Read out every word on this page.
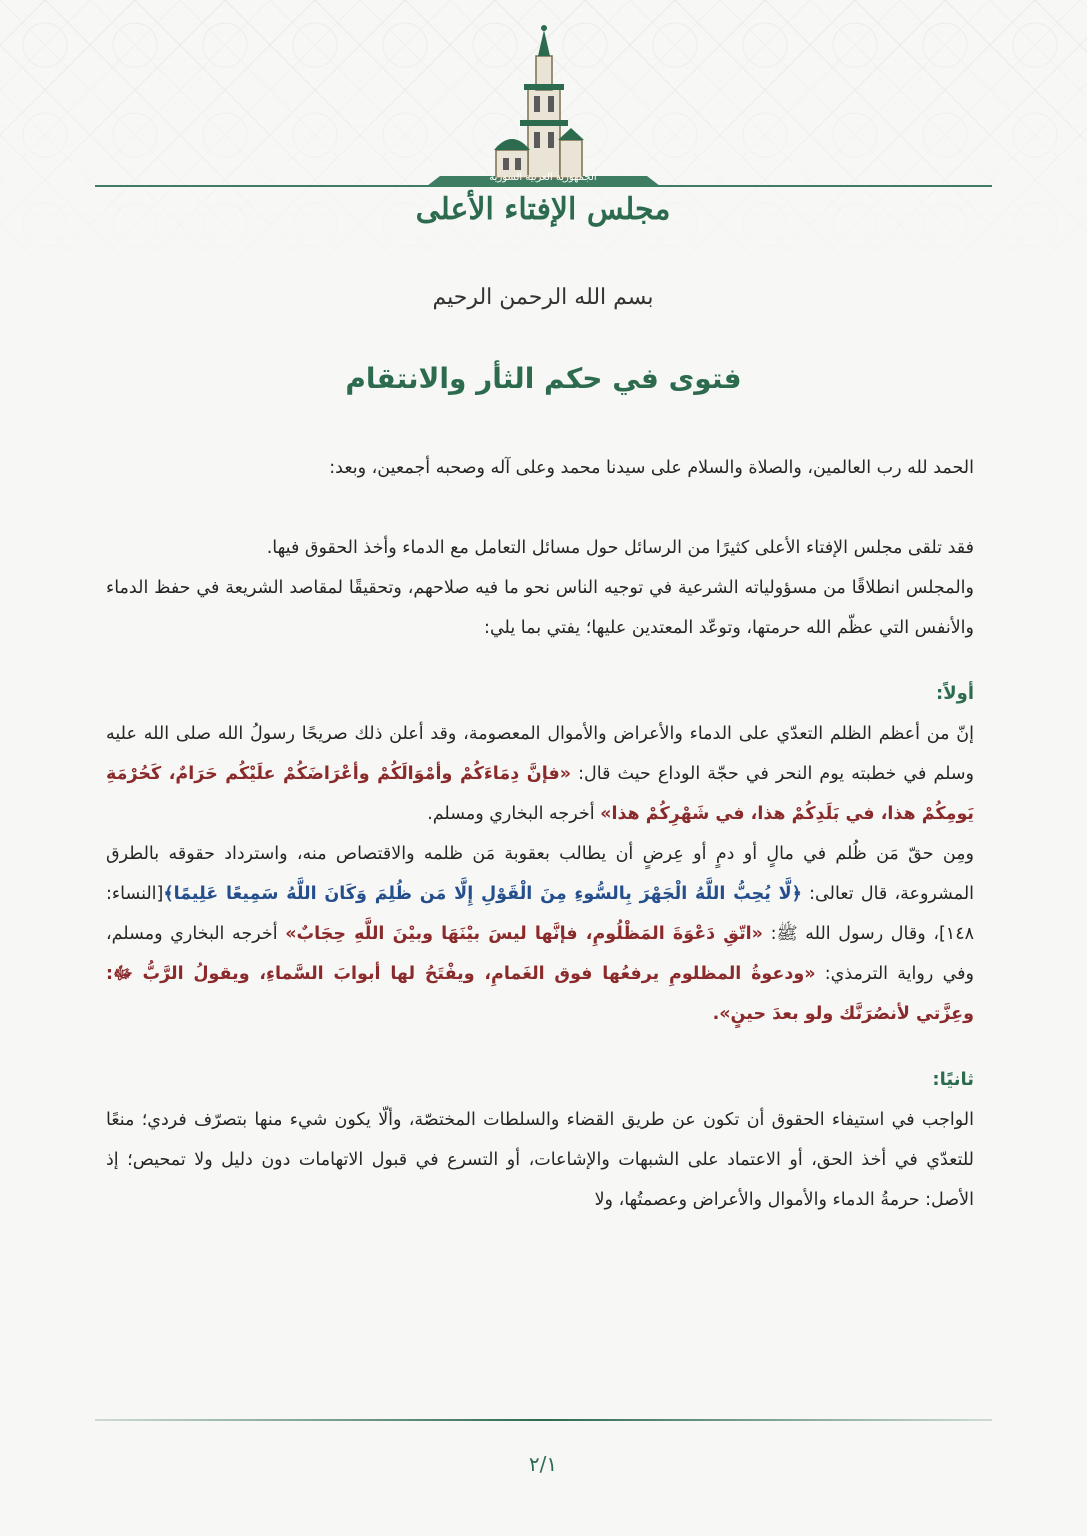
الجمهورية العربية السورية
مجلس الإفتاء الأعلى
بسم الله الرحمن الرحيم
فتوى في حكم الثأر والانتقام

الحمد لله رب العالمين، والصلاة والسلام على سيدنا محمد وعلى آله وصحبه أجمعين، وبعد:

فقد تلقى مجلس الإفتاء الأعلى كثيرًا من الرسائل حول مسائل التعامل مع الدماء وأخذ الحقوق فيها.

والمجلس انطلاقًا من مسؤولياته الشرعية في توجيه الناس نحو ما فيه صلاحهم، وتحقيقًا لمقاصد الشريعة في حفظ الدماء والأنفس التي عظّم الله حرمتها، وتوعّد المعتدين عليها؛ يفتي بما يلي:

أولاً:

إنّ من أعظم الظلم التعدّي على الدماء والأعراض والأموال المعصومة، وقد أعلن ذلك صريحًا رسولُ الله صلى الله عليه وسلم في خطبته يوم النحر في حجّة الوداع حيث قال: «فإنَّ دِمَاءَكُمْ وأمْوَالَكُمْ وأعْرَاضَكُمْ علَيْكُم حَرَامٌ، كَحُرْمَةِ يَومِكُمْ هذا، في بَلَدِكُمْ هذا، في شَهْرِكُمْ هذا» أخرجه البخاري ومسلم.

ومِن حقّ مَن ظُلم في مالٍ أو دمٍ أو عِرضٍ أن يطالب بعقوبة مَن ظلمه والاقتصاص منه، واسترداد حقوقه بالطرق المشروعة، قال تعالى: ﴿لَّا يُحِبُّ اللَّهُ الْجَهْرَ بِالسُّوءِ مِنَ الْقَوْلِ إِلَّا مَن ظُلِمَ وَكَانَ اللَّهُ سَمِيعًا عَلِيمًا﴾[النساء: ١٤٨]، وقال رسول الله ﷺ: «اتّقِ دَعْوَةَ المَظْلُومِ، فإنَّها ليسَ بيْنَهَا وبيْنَ اللَّهِ حِجَابٌ» أخرجه البخاري ومسلم، وفي رواية الترمذي: «ودعوةُ المظلومِ يرفعُها فوق الغَمامِ، ويفْتَحُ لها أبوابَ السَّماءِ، ويقولُ الرَّبُّ ﷻ: وعِزَّتي لأنصُرَنَّك ولو بعدَ حينٍ».

ثانيًا:

الواجب في استيفاء الحقوق أن تكون عن طريق القضاء والسلطات المختصّة، وألّا يكون شيء منها بتصرّف فردي؛ منعًا للتعدّي في أخذ الحق، أو الاعتماد على الشبهات والإشاعات، أو التسرع في قبول الاتهامات دون دليل ولا تمحيص؛ إذ الأصل: حرمةُ الدماء والأموال والأعراض وعصمتُها، ولا

٢/١
